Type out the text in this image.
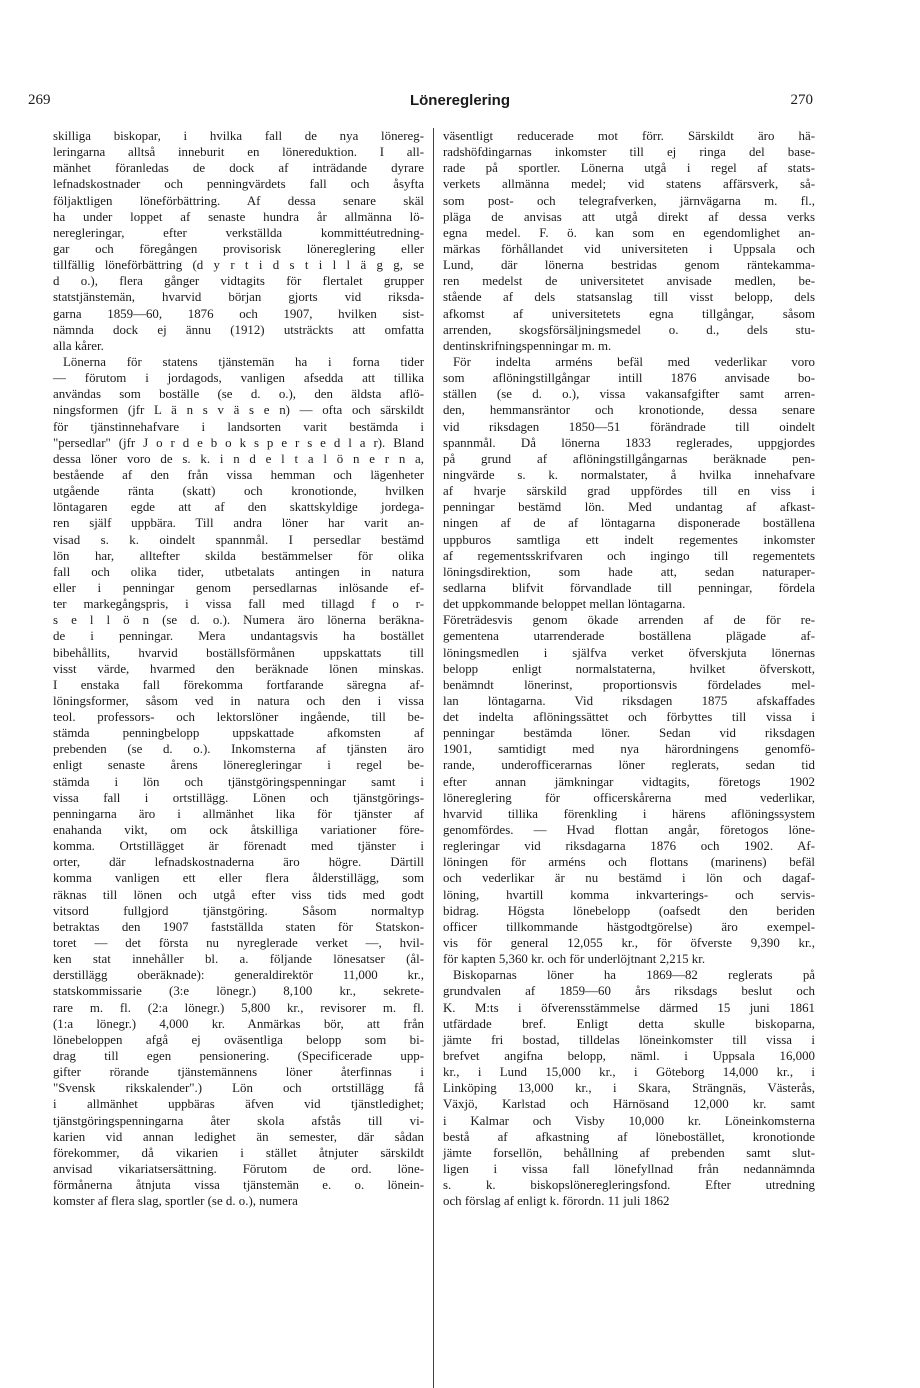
269	Lönereglering	270
skilliga biskopar, i hvilka fall de nya lönereg-
leringarna alltså inneburit en lönereduktion. I all-
mänhet föranledas de dock af inträdande dyrare
lefnadskostnader och penningvärdets fall och åsyfta
följaktligen löneförbättring. Af dessa senare skäl
ha under loppet af senaste hundra år allmänna lö-
neregleringar, efter verkställda kommittéutredning-
gar och föregången provisorisk lönereglering eller
tillfällig löneförbättring (d y r t i d s t i l l ä g g, se
d o.), flera gånger vidtagits för flertalet grupper
statstjänstemän, hvarvid början gjorts vid riksda-
garna 1859—60, 1876 och 1907, hvilken sist-
nämnda dock ej ännu (1912) utsträckts att omfatta
alla kårer.
Lönerna för statens tjänstemän ha i forna tider
— förutom i jordagods, vanligen afsedda att tillika
användas som boställe (se d. o.), den äldsta aflö-
ningsformen (jfr L ä n s v ä s e n) — ofta och särskildt
för tjänstinnehafvare i landsorten varit bestämda i
"persedlar" (jfr J o r d e b o k s p e r s e d l a r). Bland
dessa löner voro de s. k. i n d e l t a l ö n e r n a,
bestående af den från vissa hemman och lägenheter
utgående ränta (skatt) och kronotionde, hvilken
löntagaren egde att af den skattskyldige jordega-
ren själf uppbära. Till andra löner har varit an-
visad s. k. oindelt spannmål. I persedlar bestämd
lön har, alltefter skilda bestämmelser för olika
fall och olika tider, utbetalats antingen in natura
eller i penningar genom persedlarnas inlösande ef-
ter markegångspris, i vissa fall med tillagd f o r-
s e l l ö n (se d. o.). Numera äro lönerna beräkna-
de i penningar. Mera undantagsvis ha bostället
bibehållits, hvarvid boställsförmånen uppskattats till
visst värde, hvarmed den beräknade lönen minskas.
I enstaka fall förekomma fortfarande säregna af-
löningsformer, såsom ved in natura och den i vissa
teol. professors- och lektorslöner ingående, till be-
stämda penningbelopp uppskattade afkomsten af
prebenden (se d. o.). Inkomsterna af tjänsten äro
enligt senaste årens löneregleringar i regel be-
stämda i lön och tjänstgöringspenningar samt i
vissa fall i ortstillägg. Lönen och tjänstgörings-
penningarna äro i allmänhet lika för tjänster af
enahanda vikt, om ock åtskilliga variationer före-
komma. Ortstillägget är förenadt med tjänster i
orter, där lefnadskostnaderna äro högre. Därtill
komma vanligen ett eller flera ålderstillägg, som
räknas till lönen och utgå efter viss tids med godt
vitsord fullgjord tjänstgöring. Såsom normaltyp
betraktas den 1907 fastställda staten för Statskon-
toret — det första nu nyreglerade verket —, hvil-
ken stat innehåller bl. a. följande lönesatser (ål-
derstillägg oberäknade): generaldirektör 11,000 kr.,
statskommissarie (3:e lönegr.) 8,100 kr., sekrete-
rare m. fl. (2:a lönegr.) 5,800 kr., revisorer m. fl.
(1:a lönegr.) 4,000 kr. Anmärkas bör, att från
lönebeloppen afgå ej oväsentliga belopp som bi-
drag till egen pensionering. (Specificerade upp-
gifter rörande tjänstemännens löner återfinnas i
"Svensk rikskalender".) Lön och ortstillägg få
i allmänhet uppbäras äfven vid tjänstledighet;
tjänstgöringspenningarna åter skola afstås till vi-
karien vid annan ledighet än semester, där sådan
förekommer, då vikarien i stället åtnjuter särskildt
anvisad vikariatsersättning. Förutom de ord. löne-
förmånerna åtnjuta vissa tjänstemän e. o. lönein-
komster af flera slag, sportler (se d. o.), numera
väsentligt reducerade mot förr. Särskildt äro hä-
radshöfdingarnas inkomster till ej ringa del base-
rade på sportler. Lönerna utgå i regel af stats-
verkets allmänna medel; vid statens affärsverk, så-
som post- och telegrafverken, järnvägarna m. fl.,
pläga de anvisas att utgå direkt af dessa verks
egna medel. F. ö. kan som en egendomlighet an-
märkas förhållandet vid universiteten i Uppsala och
Lund, där lönerna bestridas genom räntekamma-
ren medelst de universitetet anvisade medlen, be-
stående af dels statsanslag till visst belopp, dels
afkomst af universitetets egna tillgångar, såsom
arrenden, skogsförsäljningsmedel o. d., dels stu-
dentinskrifningspenningar m. m.
För indelta arméns befäl med vederlikar voro
som aflöningstillgångar intill 1876 anvisade bo-
ställen (se d. o.), vissa vakansafgifter samt arren-
den, hemmansräntor och kronotionde, dessa senare
vid riksdagen 1850—51 förändrade till oindelt
spannmål. Då lönerna 1833 reglerades, uppgjordes
på grund af aflöningstillgångarnas beräknade pen-
ningvärde s. k. normalstater, å hvilka innehafvare
af hvarje särskild grad uppfördes till en viss i
penningar bestämd lön. Med undantag af afkast-
ningen af de af löntagarna disponerade boställena
uppburos samtliga ett indelt regementes inkomster
af regementsskrifvaren och ingingo till regementets
löningsdirektion, som hade att, sedan naturaper-
sedlarna blifvit förvandlade till penningar, fördela
det uppkommande beloppet mellan löntagarna.
Företrädesvis genom ökade arrenden af de för re-
gementena utarrenderade boställena plägade af-
löningsmedlen i själfva verket öfverskjuta lönernas
belopp enligt normalstaterna, hvilket öfverskott,
benämndt lönerinst, proportionsvis fördelades mel-
lan löntagarna. Vid riksdagen 1875 afskaffades
det indelta aflöningssättet och förbyttes till vissa i
penningar bestämda löner. Sedan vid riksdagen
1901, samtidigt med nya härordningens genomfö-
rande, underofficerarnas löner reglerats, sedan tid
efter annan jämkningar vidtagits, företogs 1902
lönereglering för officerskårerna med vederlikar,
hvarvid tillika förenkling i härens aflöningssystem
genomfördes. — Hvad flottan angår, företogos löne-
regleringar vid riksdagarna 1876 och 1902. Af-
löningen för arméns och flottans (marinens) befäl
och vederlikar är nu bestämd i lön och dagaf-
löning, hvartill komma inkvarterings- och servis-
bidrag. Högsta lönebelopp (oafsedt den beriden
officer tillkommande hästgodtgörelse) äro exempel-
vis för general 12,055 kr., för öfverste 9,390 kr.,
för kapten 5,360 kr. och för underlöjtnant 2,215 kr.
Biskoparnas löner ha 1869—82 reglerats på
grundvalen af 1859—60 års riksdags beslut och
K. M:ts i öfverensstämmelse därmed 15 juni 1861
utfärdade bref. Enligt detta skulle biskoparna,
jämte fri bostad, tilldelas löneinkomster till vissa i
brefvet angifna belopp, näml. i Uppsala 16,000
kr., i Lund 15,000 kr., i Göteborg 14,000 kr., i
Linköping 13,000 kr., i Skara, Strängnäs, Västerås,
Växjö, Karlstad och Härnösand 12,000 kr. samt
i Kalmar och Visby 10,000 kr. Löneinkomsterna
bestå af afkastning af lönebostället, kronotionde
jämte forsellön, behållning af prebenden samt slut-
ligen i vissa fall lönefyllnad från nedannämnda
s. k. biskopslöneregleringsfond. Efter utredning
och förslag af enligt k. förordn. 11 juli 1862
